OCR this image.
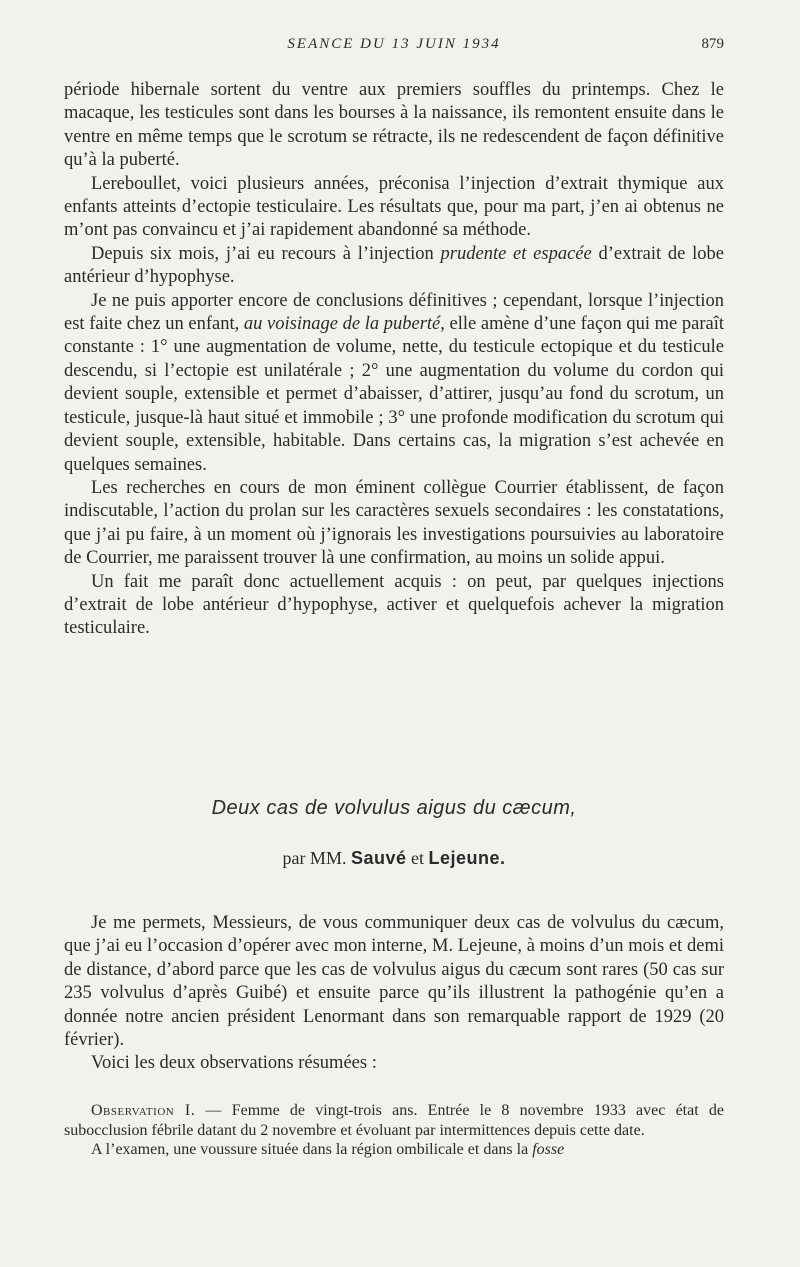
SEANCE DU 13 JUIN 1934	879

période hibernale sortent du ventre aux premiers souffles du printemps. Chez le macaque, les testicules sont dans les bourses à la naissance, ils remontent ensuite dans le ventre en même temps que le scrotum se rétracte, ils ne redescendent de façon définitive qu’à la puberté.

Lereboullet, voici plusieurs années, préconisa l’injection d’extrait thymique aux enfants atteints d’ectopie testiculaire. Les résultats que, pour ma part, j’en ai obtenus ne m’ont pas convaincu et j’ai rapidement abandonné sa méthode.

Depuis six mois, j’ai eu recours à l’injection prudente et espacée d’extrait de lobe antérieur d’hypophyse.

Je ne puis apporter encore de conclusions définitives ; cependant, lorsque l’injection est faite chez un enfant, au voisinage de la puberté, elle amène d’une façon qui me paraît constante : 1° une augmentation de volume, nette, du testicule ectopique et du testicule descendu, si l’ectopie est unilatérale ; 2° une augmentation du volume du cordon qui devient souple, extensible et permet d’abaisser, d’attirer, jusqu’au fond du scrotum, un testicule, jusque-là haut situé et immobile ; 3° une profonde modification du scrotum qui devient souple, extensible, habitable. Dans certains cas, la migration s’est achevée en quelques semaines.

Les recherches en cours de mon éminent collègue Courrier établissent, de façon indiscutable, l’action du prolan sur les caractères sexuels secondaires : les constatations, que j’ai pu faire, à un moment où j’ignorais les investigations poursuivies au laboratoire de Courrier, me paraissent trouver là une confirmation, au moins un solide appui.

Un fait me paraît donc actuellement acquis : on peut, par quelques injections d’extrait de lobe antérieur d’hypophyse, activer et quelquefois achever la migration testiculaire.

Deux cas de volvulus aigus du cæcum,
par MM. Sauvé et Lejeune.

Je me permets, Messieurs, de vous communiquer deux cas de volvulus du cæcum, que j’ai eu l’occasion d’opérer avec mon interne, M. Lejeune, à moins d’un mois et demi de distance, d’abord parce que les cas de volvulus aigus du cæcum sont rares (50 cas sur 235 volvulus d’après Guibé) et ensuite parce qu’ils illustrent la pathogénie qu’en a donnée notre ancien président Lenormant dans son remarquable rapport de 1929 (20 février).

Voici les deux observations résumées :

Observation I. — Femme de vingt-trois ans. Entrée le 8 novembre 1933 avec état de subocclusion fébrile datant du 2 novembre et évoluant par intermittences depuis cette date.

A l’examen, une voussure située dans la région ombilicale et dans la fosse
